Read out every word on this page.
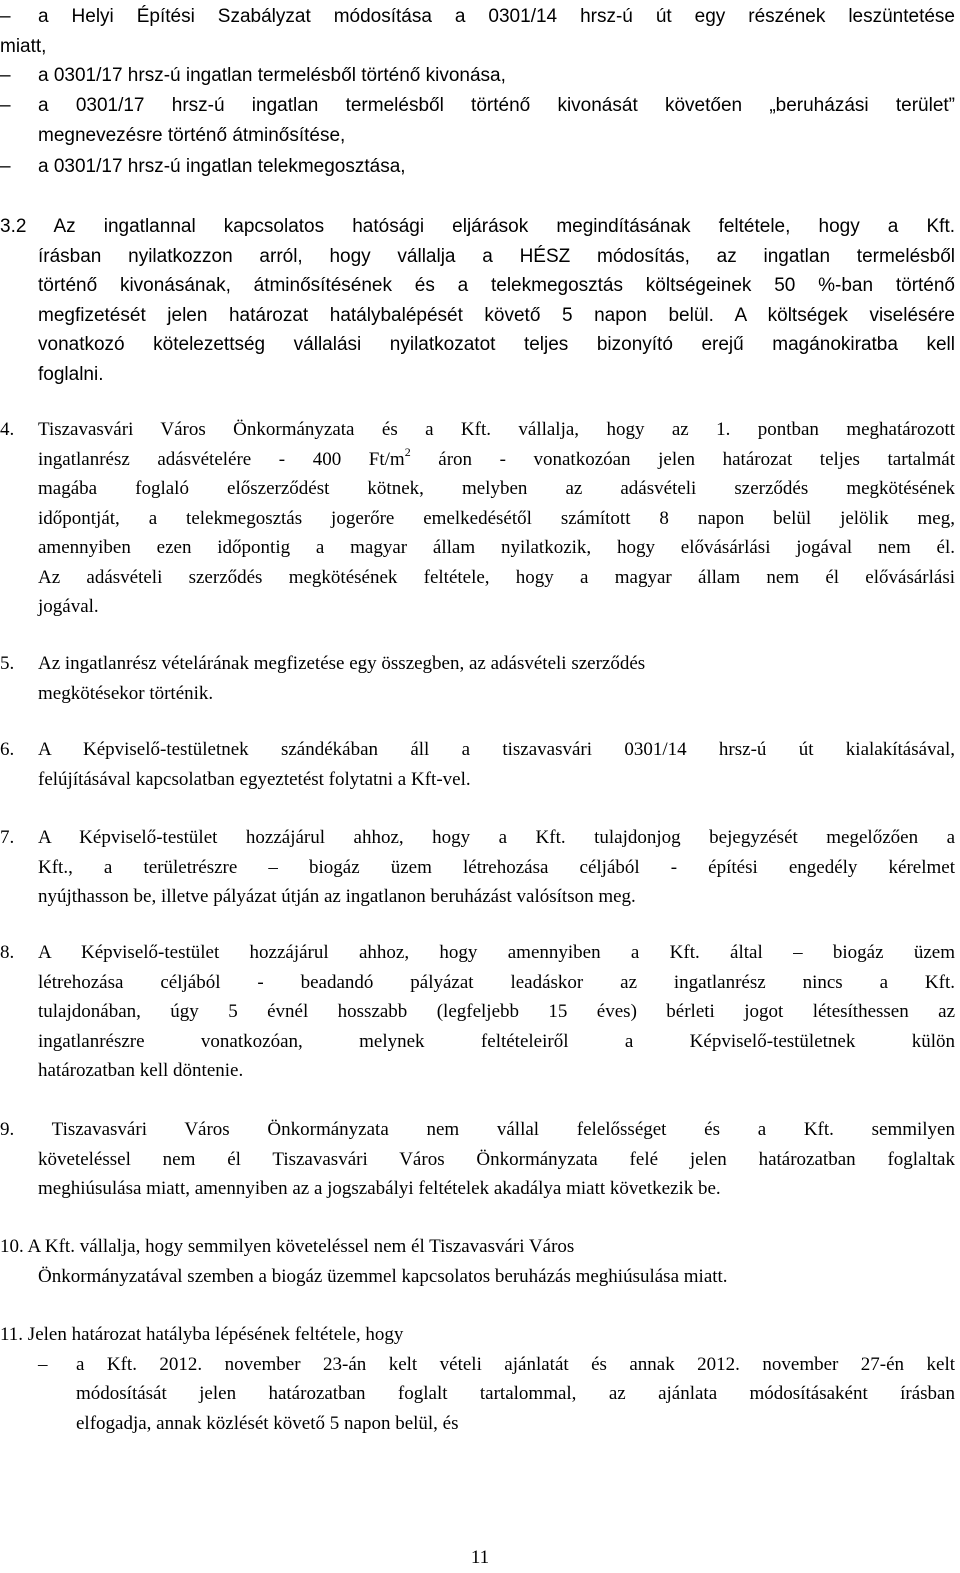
–	a Helyi Építési Szabályzat módosítása a 0301/14 hrsz-ú út egy részének leszüntetése
miatt,
–	a 0301/17 hrsz-ú ingatlan termelésből történő kivonása,
–	a 0301/17 hrsz-ú ingatlan termelésből történő kivonását követően „beruházási terület”
megnevezésre történő átminősítése,
–	a 0301/17 hrsz-ú ingatlan telekmegosztása,
3.2 Az ingatlannal kapcsolatos hatósági eljárások megindításának feltétele, hogy a Kft.
írásban nyilatkozzon arról, hogy vállalja a HÉSZ módosítás, az ingatlan termelésből
történő kivonásának, átminősítésének és a telekmegosztás költségeinek 50 %-ban történő
megfizetését jelen határozat hatálybalépését követő 5 napon belül. A költségek viselésére
vonatkozó kötelezettség vállalási nyilatkozatot teljes bizonyító erejű magánokiratba kell
foglalni.
4.	Tiszavasvári Város Önkormányzata és a Kft. vállalja, hogy az 1. pontban meghatározott
ingatlanrész adásvételére - 400 $Ft/m^2$ áron - vonatkozóan jelen határozat teljes tartalmát
magába foglaló előszerződést kötnek, melyben az adásvételi szerződés megkötésének
időpontját, a telekmegosztás jogerőre emelkedésétől számított 8 napon belül jelölik meg,
amennyiben ezen időpontig a magyar állam nyilatkozik, hogy elővásárlási jogával nem él.
Az adásvételi szerződés megkötésének feltétele, hogy a magyar állam nem él elővásárlási
jogával.
5.	Az ingatlanrész vételárának megfizetése egy összegben, az adásvételi szerződés
megkötésekor történik.
6.	A Képviselő-testületnek szándékában áll a tiszavasvári 0301/14 hrsz-ú út kialakításával,
felújításával kapcsolatban egyeztetést folytatni a Kft-vel.
7.	A Képviselő-testület hozzájárul ahhoz, hogy a Kft. tulajdonjog bejegyzését megelőzően a
Kft., a területrészre – biogáz üzem létrehozása céljából - építési engedély kérelmet
nyújthasson be, illetve pályázat útján az ingatlanon beruházást valósítson meg.
8.	A Képviselő-testület hozzájárul ahhoz, hogy amennyiben a Kft. által – biogáz üzem
létrehozása céljából - beadandó pályázat leadáskor az ingatlanrész nincs a Kft.
tulajdonában, úgy 5 évnél hosszabb (legfeljebb 15 éves) bérleti jogot létesíthessen az
ingatlanrészre vonatkozóan, melynek feltételeiről a Képviselő-testületnek külön
határozatban kell döntenie.
9. Tiszavasvári Város Önkormányzata nem vállal felelősséget és a Kft. semmilyen
követeléssel nem él Tiszavasvári Város Önkormányzata felé jelen határozatban foglaltak
meghiúsulása miatt, amennyiben az a jogszabályi feltételek akadálya miatt következik be.
10. A Kft. vállalja, hogy semmilyen követeléssel nem él Tiszavasvári Város
Önkormányzatával szemben a biogáz üzemmel kapcsolatos beruházás meghiúsulása miatt.
11. Jelen határozat hatályba lépésének feltétele, hogy
–	a Kft. 2012. november 23-án kelt vételi ajánlatát és annak 2012. november 27-én kelt
módosítását jelen határozatban foglalt tartalommal, az ajánlata módosításaként írásban
elfogadja, annak közlését követő 5 napon belül, és
11
